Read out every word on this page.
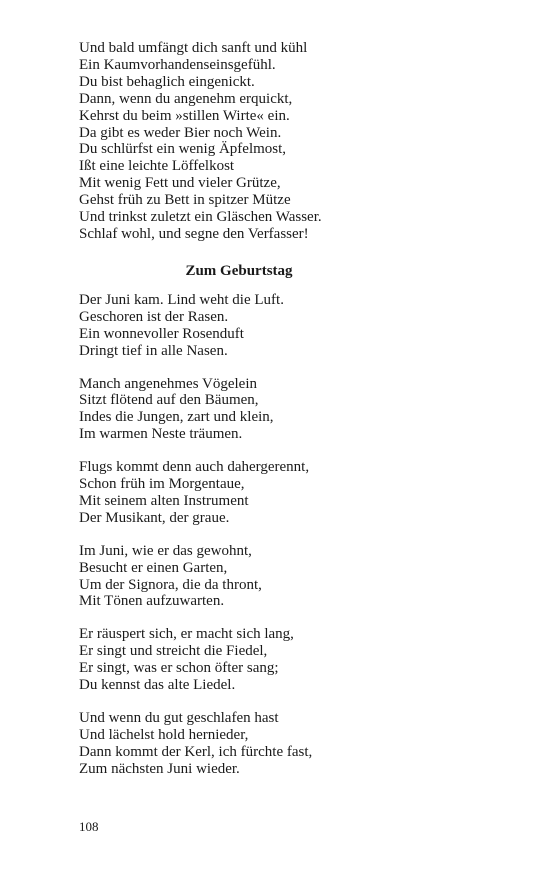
Und bald umfängt dich sanft und kühl
Ein Kaumvorhandenseinsgefühl.
Du bist behaglich eingenickt.
Dann, wenn du angenehm erquickt,
Kehrst du beim »stillen Wirte« ein.
Da gibt es weder Bier noch Wein.
Du schlürfst ein wenig Äpfelmost,
Ißt eine leichte Löffelkost
Mit wenig Fett und vieler Grütze,
Gehst früh zu Bett in spitzer Mütze
Und trinkst zuletzt ein Gläschen Wasser.
Schlaf wohl, und segne den Verfasser!
Zum Geburtstag
Der Juni kam. Lind weht die Luft.
Geschoren ist der Rasen.
Ein wonnevoller Rosenduft
Dringt tief in alle Nasen.
Manch angenehmes Vögelein
Sitzt flötend auf den Bäumen,
Indes die Jungen, zart und klein,
Im warmen Neste träumen.
Flugs kommt denn auch dahergerennt,
Schon früh im Morgentaue,
Mit seinem alten Instrument
Der Musikant, der graue.
Im Juni, wie er das gewohnt,
Besucht er einen Garten,
Um der Signora, die da thront,
Mit Tönen aufzuwarten.
Er räuspert sich, er macht sich lang,
Er singt und streicht die Fiedel,
Er singt, was er schon öfter sang;
Du kennst das alte Liedel.
Und wenn du gut geschlafen hast
Und lächelst hold hernieder,
Dann kommt der Kerl, ich fürchte fast,
Zum nächsten Juni wieder.
108
